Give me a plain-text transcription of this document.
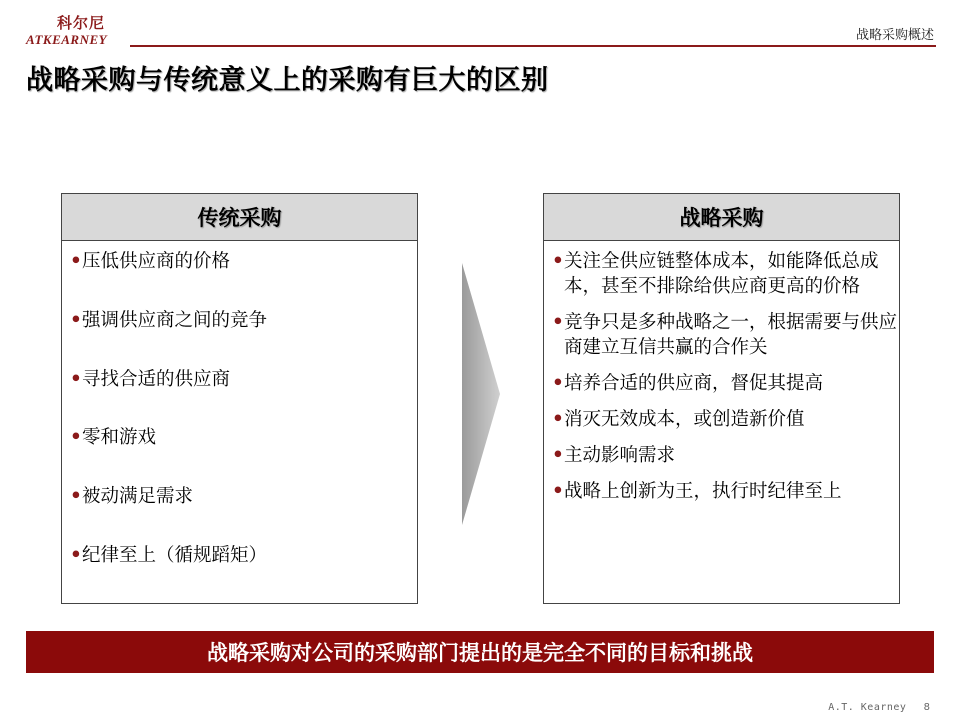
科尔尼
ATKEARNEY	战略采购概述
战略采购与传统意义上的采购有巨大的区别
传统采购
• 压低供应商的价格
• 强调供应商之间的竞争
• 寻找合适的供应商
• 零和游戏
• 被动满足需求
• 纪律至上（循规蹈矩）
战略采购
• 关注全供应链整体成本，如能降低总成本，甚至不排除给供应商更高的价格
• 竞争只是多种战略之一，根据需要与供应商建立互信共赢的合作关
• 培养合适的供应商，督促其提高
• 消灭无效成本，或创造新价值
• 主动影响需求
• 战略上创新为王，执行时纪律至上
战略采购对公司的采购部门提出的是完全不同的目标和挑战
A.T. Kearney 8
